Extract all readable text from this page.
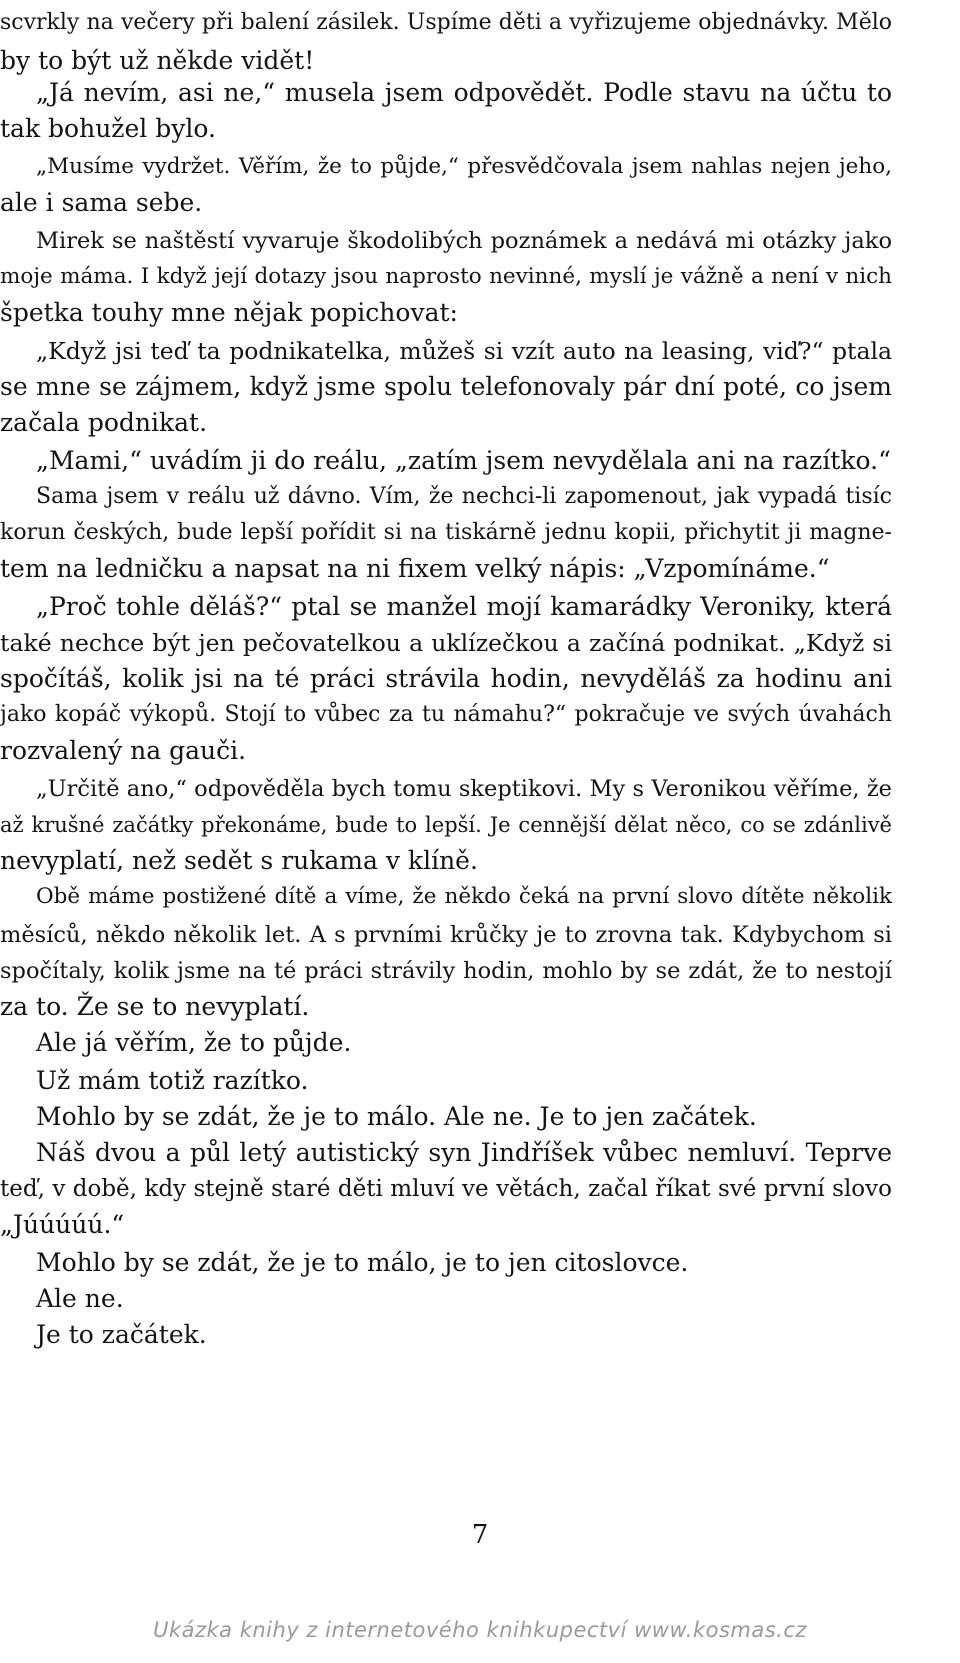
scvrkly na večery při balení zásilek. Uspíme děti a vyřizujeme objednávky. Mělo
by to být už někde vidět!
„Já nevím, asi ne,“ musela jsem odpovědět. Podle stavu na účtu to
tak bohužel bylo.
„Musíme vydržet. Věřím, že to půjde,“ přesvědčovala jsem nahlas nejen jeho,
ale i sama sebe.
Mirek se naštěstí vyvaruje škodolibých poznámek a nedává mi otázky jako
moje máma. I když její dotazy jsou naprosto nevinné, myslí je vážně a není v nich
špetka touhy mne nějak popichovat:
„Když jsi teď ta podnikatelka, můžeš si vzít auto na leasing, viď?“ ptala
se mne se zájmem, když jsme spolu telefonovaly pár dní poté, co jsem
začala podnikat.
„Mami,“ uvádím ji do reálu, „zatím jsem nevydělala ani na razítko.“
Sama jsem v reálu už dávno. Vím, že nechci-li zapomenout, jak vypadá tisíc
korun českých, bude lepší pořídit si na tiskárně jednu kopii, přichytit ji magne-
tem na ledničku a napsat na ni fixem velký nápis: „Vzpomínáme.“
„Proč tohle děláš?“ ptal se manžel mojí kamarádky Veroniky, která
také nechce být jen pečovatelkou a uklízečkou a začíná podnikat. „Když si
spočítáš, kolik jsi na té práci strávila hodin, nevyděláš za hodinu ani
jako kopáč výkopů. Stojí to vůbec za tu námahu?“ pokračuje ve svých úvahách
rozvalený na gauči.
„Určitě ano,“ odpověděla bych tomu skeptikovi. My s Veronikou věříme, že
až krušné začátky překonáme, bude to lepší. Je cennější dělat něco, co se zdánlivě
nevyplatí, než sedět s rukama v klíně.
Obě máme postižené dítě a víme, že někdo čeká na první slovo dítěte několik
měsíců, někdo několik let. A s prvními krůčky je to zrovna tak. Kdybychom si
spočítaly, kolik jsme na té práci strávily hodin, mohlo by se zdát, že to nestojí
za to. Že se to nevyplatí.
Ale já věřím, že to půjde.
Už mám totiž razítko.
Mohlo by se zdát, že je to málo. Ale ne. Je to jen začátek.
Náš dvou a půl letý autistický syn Jindříšek vůbec nemluví. Teprve
teď, v době, kdy stejně staré děti mluví ve větách, začal říkat své první slovo
„Júúúúú.“
Mohlo by se zdát, že je to málo, je to jen citoslovce.
Ale ne.
Je to začátek.
7
Ukázka knihy z internetového knihkupectví www.kosmas.cz
